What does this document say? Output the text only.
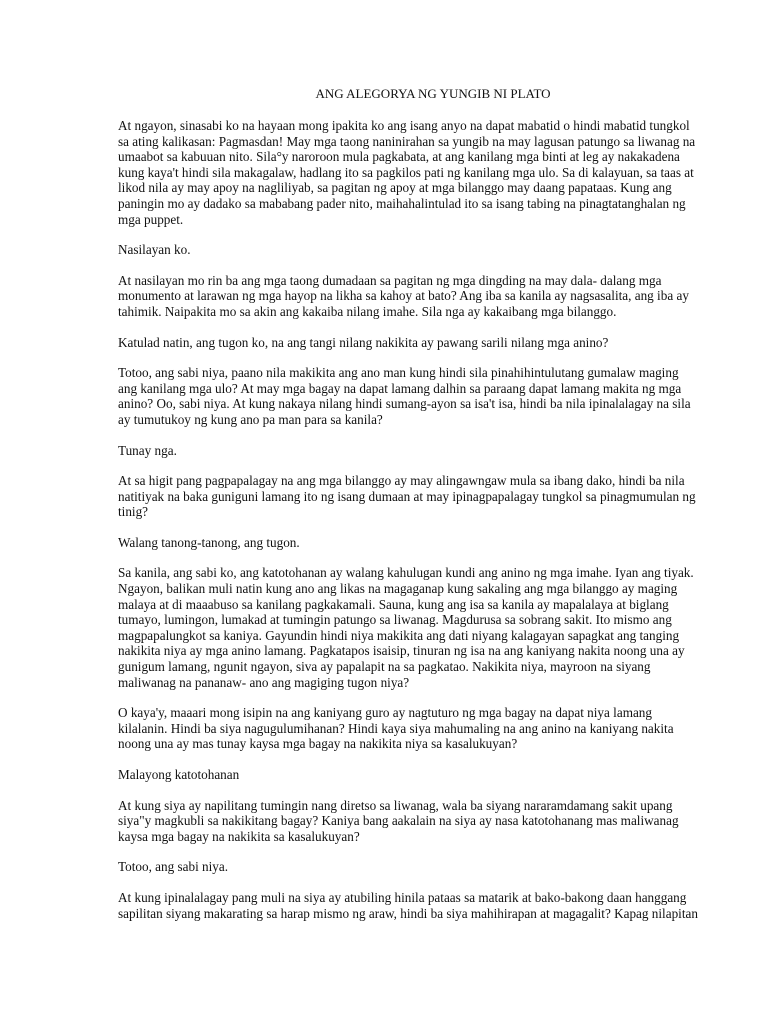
ANG ALEGORYA NG YUNGIB NI PLATO
At ngayon, sinasabi ko na hayaan mong ipakita ko ang isang anyo na dapat mabatid o hindi mabatid tungkol
sa ating kalikasan: Pagmasdan! May mga taong naninirahan sa yungib na may lagusan patungo sa liwanag na
umaabot sa kabuuan nito. Sila°y naroroon mula pagkabata, at ang kanilang mga binti at leg ay nakakadena
kung kaya't hindi sila makagalaw, hadlang ito sa pagkilos pati ng kanilang mga ulo. Sa di kalayuan, sa taas at
likod nila ay may apoy na nagliliyab, sa pagitan ng apoy at mga bilanggo may daang papataas. Kung ang
paningin mo ay dadako sa mababang pader nito, maihahalintulad ito sa isang tabing na pinagtatanghalan ng
mga puppet.
Nasilayan ko.
At nasilayan mo rin ba ang mga taong dumadaan sa pagitan ng mga dingding na may dala- dalang mga
monumento at larawan ng mga hayop na likha sa kahoy at bato? Ang iba sa kanila ay nagsasalita, ang iba ay
tahimik. Naipakita mo sa akin ang kakaiba nilang imahe. Sila nga ay kakaibang mga bilanggo.
Katulad natin, ang tugon ko, na ang tangi nilang nakikita ay pawang sarili nilang mga anino?
Totoo, ang sabi niya, paano nila makikita ang ano man kung hindi sila pinahihintulutang gumalaw maging
ang kanilang mga ulo? At may mga bagay na dapat lamang dalhin sa paraang dapat lamang makita ng mga
anino? Oo, sabi niya. At kung nakaya nilang hindi sumang-ayon sa isa't isa, hindi ba nila ipinalalagay na sila
ay tumutukoy ng kung ano pa man para sa kanila?
Tunay nga.
At sa higit pang pagpapalagay na ang mga bilanggo ay may alingawngaw mula sa ibang dako, hindi ba nila
natitiyak na baka guniguni lamang ito ng isang dumaan at may ipinagpapalagay tungkol sa pinagmumulan ng
tinig?
Walang tanong-tanong, ang tugon.
Sa kanila, ang sabi ko, ang katotohanan ay walang kahulugan kundi ang anino ng mga imahe. Iyan ang tiyak.
Ngayon, balikan muli natin kung ano ang likas na magaganap kung sakaling ang mga bilanggo ay maging
malaya at di maaabuso sa kanilang pagkakamali. Sauna, kung ang isa sa kanila ay mapalalaya at biglang
tumayo, lumingon, lumakad at tumingin patungo sa liwanag. Magdurusa sa sobrang sakit. Ito mismo ang
magpapalungkot sa kaniya. Gayundin hindi niya makikita ang dati niyang kalagayan sapagkat ang tanging
nakikita niya ay mga anino lamang. Pagkatapos isaisip, tinuran ng isa na ang kaniyang nakita noong una ay
gunigum lamang, ngunit ngayon, siva ay papalapit na sa pagkatao. Nakikita niya, mayroon na siyang
maliwanag na pananaw- ano ang magiging tugon niya?
O kaya'y, maaari mong isipin na ang kaniyang guro ay nagtuturo ng mga bagay na dapat niya lamang
kilalanin. Hindi ba siya nagugulumihanan? Hindi kaya siya mahumaling na ang anino na kaniyang nakita
noong una ay mas tunay kaysa mga bagay na nakikita niya sa kasalukuyan?
Malayong katotohanan
At kung siya ay napilitang tumingin nang diretso sa liwanag, wala ba siyang nararamdamang sakit upang
siya"y magkubli sa nakikitang bagay? Kaniya bang aakalain na siya ay nasa katotohanang mas maliwanag
kaysa mga bagay na nakikita sa kasalukuyan?
Totoo, ang sabi niya.
At kung ipinalalagay pang muli na siya ay atubiling hinila pataas sa matarik at bako-bakong daan hanggang
sapilitan siyang makarating sa harap mismo ng araw, hindi ba siya mahihirapan at magagalit? Kapag nilapitan
